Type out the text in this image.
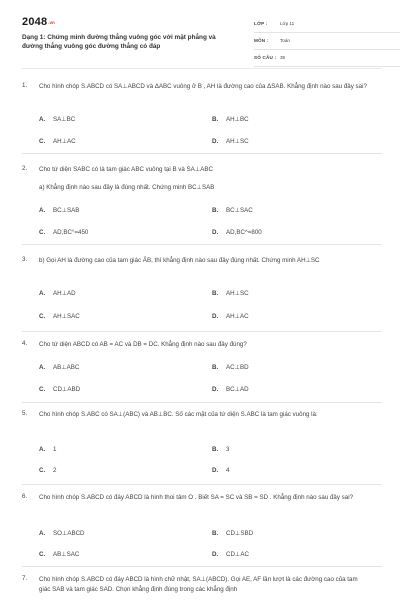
2048.vn
Dạng 1: Chứng minh đường thẳng vuông góc với mặt phẳng và đường thẳng vuông góc đường thẳng có đáp
LỚP :	Lớp 11
MÔN : Toán
SỐ CÂU : 35
1. Cho hình chóp S.ABCD có SA⊥ABCD và ΔABC vuông ở B , AH là đường cao của ΔSAB. Khẳng định nào sau đây sai?
A. SA⊥BC	B. AH⊥BC
C. AH⊥AC	D. AH⊥SC
2. Cho tứ diện SABC có là tam giác ABC vuông tại B và SA⊥ABC
a) Khẳng định nào sau đây là đúng nhất. Chứng minh BC⊥SAB
A. BC⊥SAB	B. BC⊥SAC
C. AD,BC°=450	D. AD,BC^=800
3. b) Gọi AH là đường cao của tam giác ẢB, thì khẳng định nào sau đây đúng nhất. Chứng minh AH⊥SC
A. AH⊥AD	B. AH⊥SC
C. AH⊥SAC	D. AH⊥AC
4. Cho tứ diện ABCD có AB = AC và DB = DC. Khẳng định nào sau đây đúng?
A. AB⊥ABC	B. AC⊥BD
C. CD⊥ABD	D. BC⊥AD
5. Cho hình chóp S.ABC có SA⊥(ABC) và AB⊥BC. Số các mặt của tứ diện S.ABC là tam giác vuông là:
A. 1	B. 3
C. 2	D. 4
6. Cho hình chóp S.ABCD có đáy ABCD là hình thoi tâm O . Biết SA = SC và SB = SD . Khẳng định nào sau đây sai?
A. SO⊥ABCD	B. CD⊥SBD
C. AB⊥SAC	D. CD⊥AC
7. Cho hình chóp S.ABCD có đáy ABCD là hình chữ nhật, SA⊥(ABCD). Gọi AE, AF lần lượt là các đường cao của tam giác SAB và tam giác SAD. Chọn khẳng định đúng trong các khẳng định
